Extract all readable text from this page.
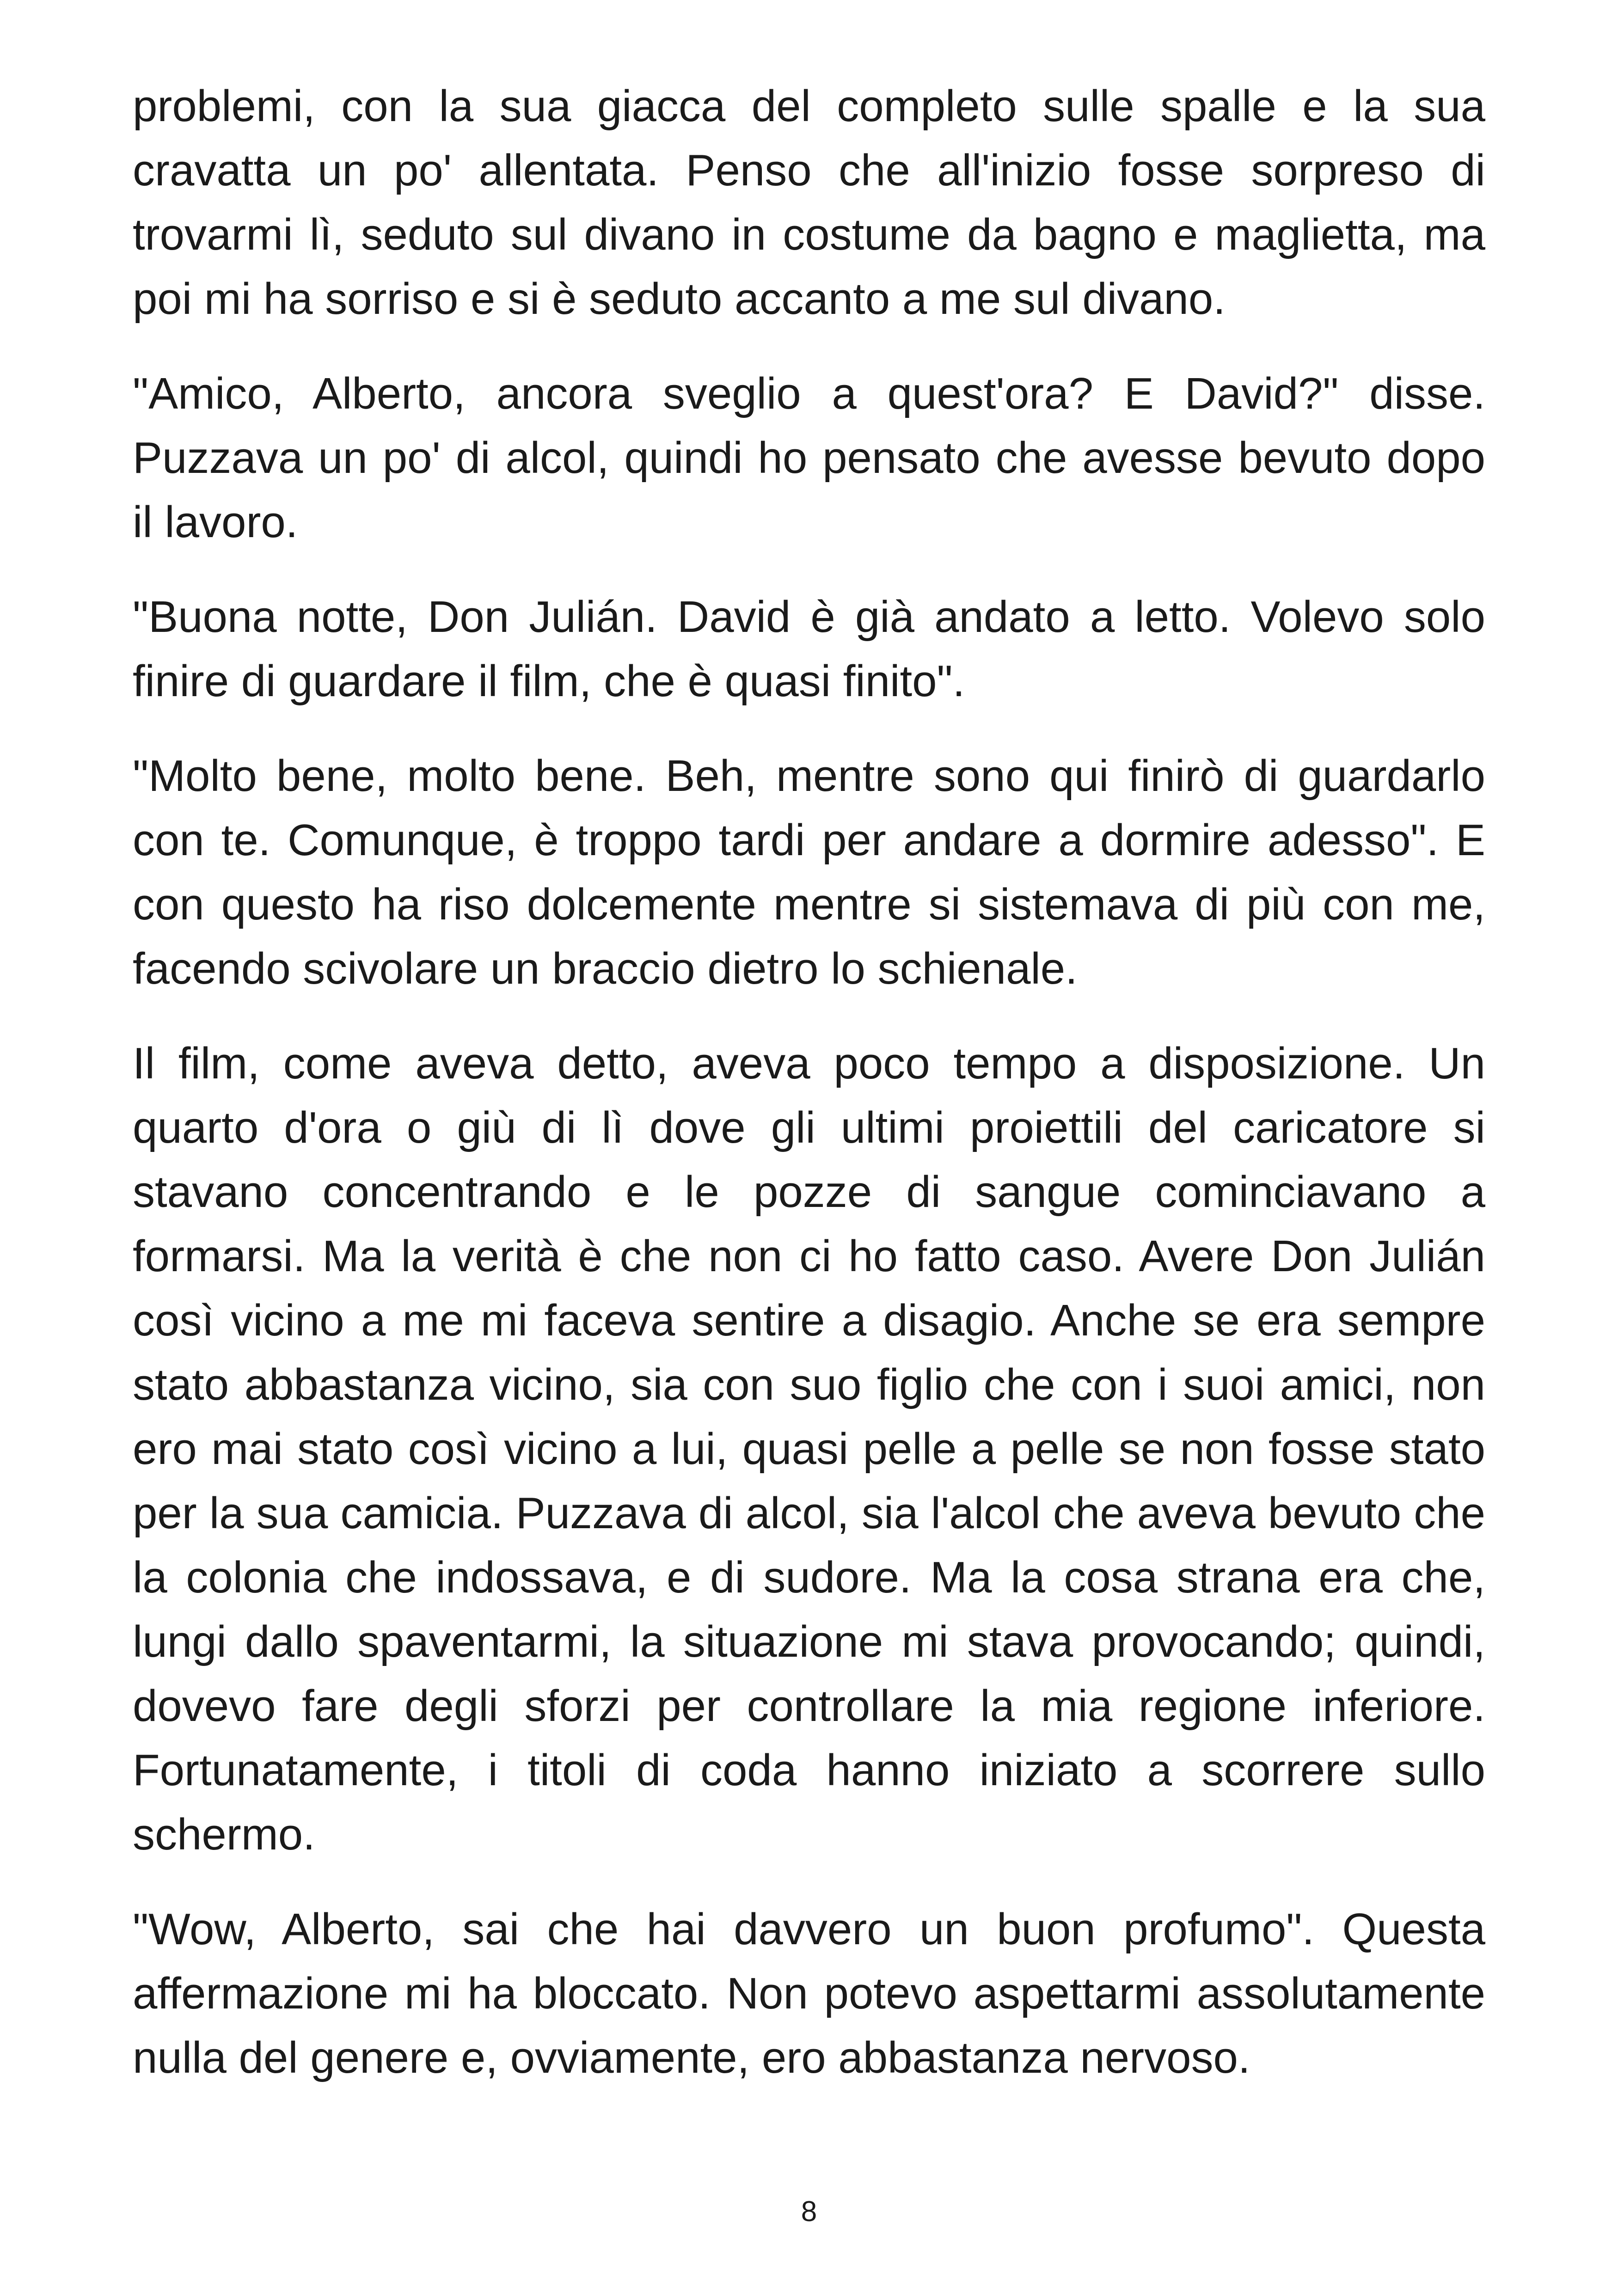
problemi, con la sua giacca del completo sulle spalle e la sua cravatta un po' allentata. Penso che all'inizio fosse sorpreso di trovarmi lì, seduto sul divano in costume da bagno e maglietta, ma poi mi ha sorriso e si è seduto accanto a me sul divano.

"Amico, Alberto, ancora sveglio a quest'ora? E David?" disse. Puzzava un po' di alcol, quindi ho pensato che avesse bevuto dopo il lavoro.

"Buona notte, Don Julián. David è già andato a letto. Volevo solo finire di guardare il film, che è quasi finito".

"Molto bene, molto bene. Beh, mentre sono qui finirò di guardarlo con te. Comunque, è troppo tardi per andare a dormire adesso". E con questo ha riso dolcemente mentre si sistemava di più con me, facendo scivolare un braccio dietro lo schienale.

Il film, come aveva detto, aveva poco tempo a disposizione. Un quarto d'ora o giù di lì dove gli ultimi proiettili del caricatore si stavano concentrando e le pozze di sangue cominciavano a formarsi. Ma la verità è che non ci ho fatto caso. Avere Don Julián così vicino a me mi faceva sentire a disagio. Anche se era sempre stato abbastanza vicino, sia con suo figlio che con i suoi amici, non ero mai stato così vicino a lui, quasi pelle a pelle se non fosse stato per la sua camicia. Puzzava di alcol, sia l'alcol che aveva bevuto che la colonia che indossava, e di sudore. Ma la cosa strana era che, lungi dallo spaventarmi, la situazione mi stava provocando; quindi, dovevo fare degli sforzi per controllare la mia regione inferiore. Fortunatamente, i titoli di coda hanno iniziato a scorrere sullo schermo.

"Wow, Alberto, sai che hai davvero un buon profumo". Questa affermazione mi ha bloccato. Non potevo aspettarmi assolutamente nulla del genere e, ovviamente, ero abbastanza nervoso.

8
